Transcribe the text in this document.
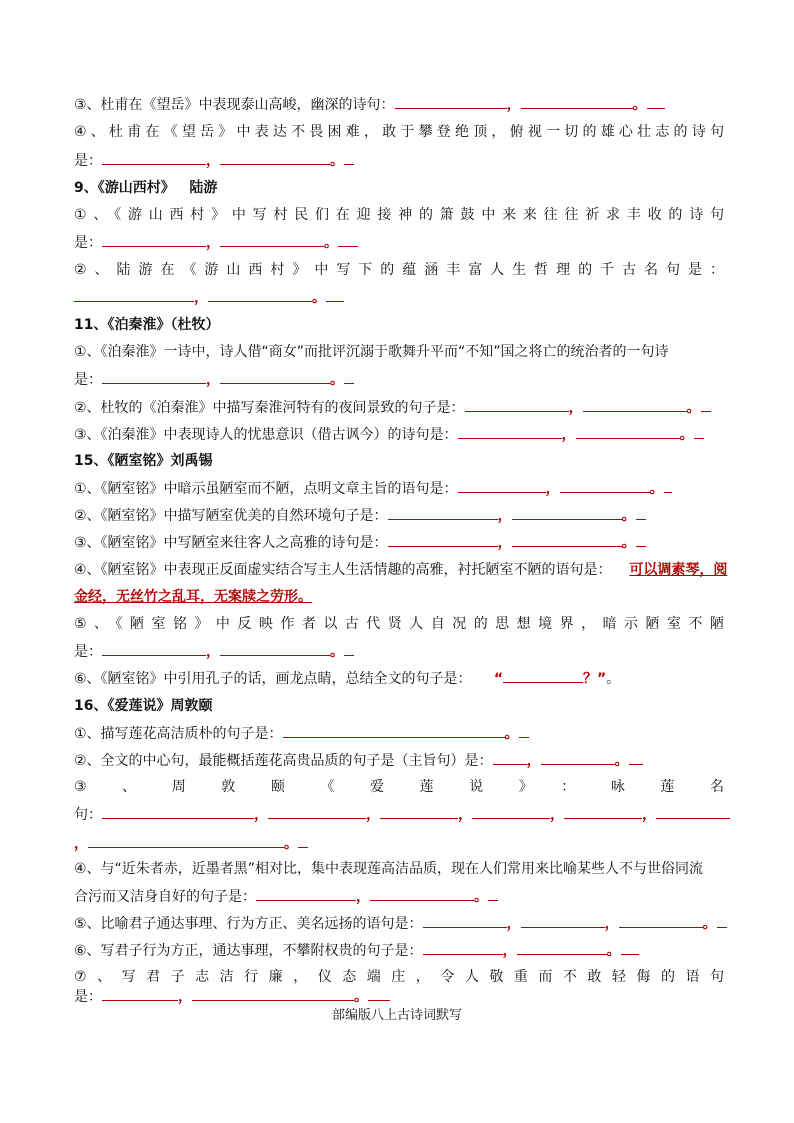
③、杜甫在《望岳》中表现泰山高峻，幽深的诗句：	，	。
④、杜甫在《望岳》中表达不畏困难，敢于攀登绝顶，俯视一切的雄心壮志的诗句
是：	，	。
9、《游山西村》 陆游
①、《游山西村》中写村民们在迎接神的箫鼓中来来往往祈求丰收的诗句
是：	，	。
②、陆游在《游山西村》中写下的蕴涵丰富人生哲理的千古名句是：
，	。
11、《泊秦淮》（杜牧）
①、《泊秦淮》一诗中，诗人借“商女”而批评沉溺于歌舞升平而“不知”国之将亡的统治者的一句诗
是：	，	。
②、杜牧的《泊秦淮》中描写秦淮河特有的夜间景致的句子是：	，	。
③、《泊秦淮》中表现诗人的忧患意识（借古讽今）的诗句是：	，	。
15、《陋室铭》刘禹锡
①、《陋室铭》中暗示虽陋室而不陋，点明文章主旨的语句是：	，	。
②、《陋室铭》中描写陋室优美的自然环境句子是：	，	。
③、《陋室铭》中写陋室来往客人之高雅的诗句是：	，	。
④、《陋室铭》中表现正反面虚实结合写主人生活情趣的高雅，衬托陋室不陋的语句是： 可以调素琴，阅
金经，无丝竹之乱耳，无案牍之劳形。
⑤、《陋室铭》中反映作者以古代贤人自况的思想境界，暗示陋室不陋
是：	，	。
⑥、《陋室铭》中引用孔子的话，画龙点睛，总结全文的句子是： “	？”。
16、《爱莲说》周敦颐
①、描写莲花高洁质朴的句子是：	。
②、全文的中心句，最能概括莲花高贵品质的句子是（主旨句）是： ，	。
③、周敦颐《爱莲说》：咏莲名
句：	，	，	，	，	，
，	。
④、与“近朱者赤，近墨者黑”相对比，集中表现莲高洁品质，现在人们常用来比喻某些人不与世俗同流
合污而又洁身自好的句子是：	，	。
⑤、比喻君子通达事理、行为方正、美名远扬的语句是：	，	，	。
⑥、写君子行为方正，通达事理，不攀附权贵的句子是：	，	。
⑦、写君子志洁行廉，仪态端庄，令人敬重而不敢轻侮的语句
是：	，	。
部编版八上古诗词默写
